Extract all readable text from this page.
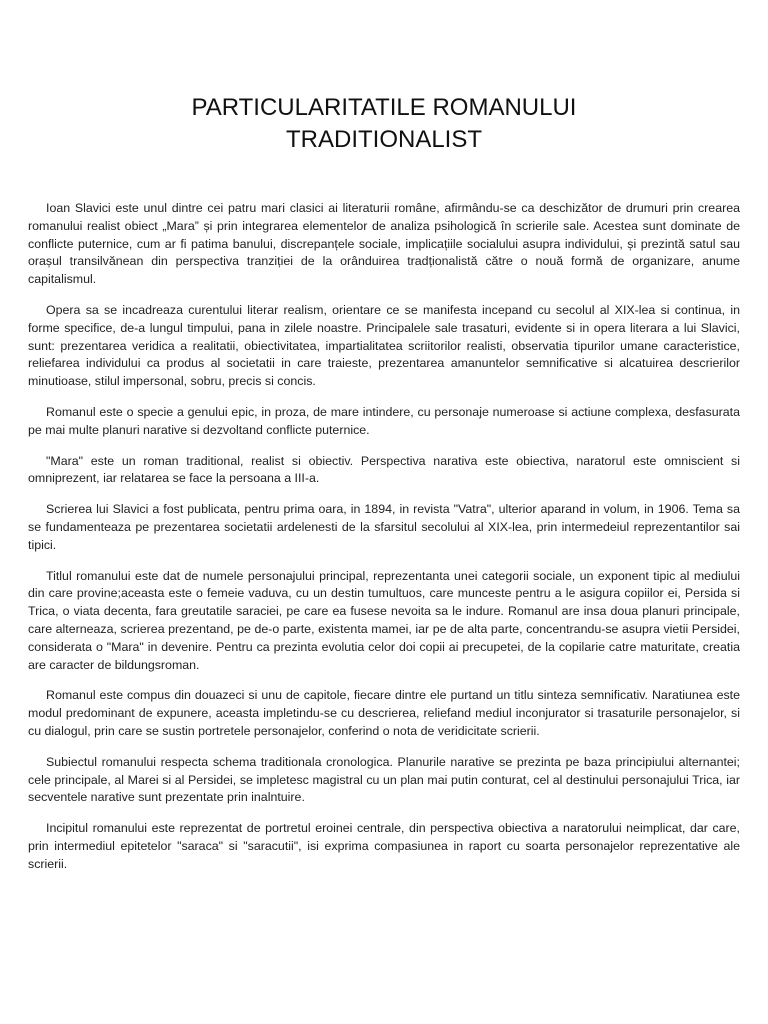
PARTICULARITATILE ROMANULUI
TRADITIONALIST

Ioan Slavici este unul dintre cei patru mari clasici ai literaturii române, afirmându-se ca deschizător de drumuri prin crearea romanului realist obiect „Mara” și prin integrarea elementelor de analiza psihologică în scrierile sale. Acestea sunt dominate de conflicte puternice, cum ar fi patima banului, discrepanțele sociale, implicațiile socialului asupra individului, și prezintă satul sau orașul transilvănean din perspectiva tranziției de la orânduirea tradționalistă către o nouă formă de organizare, anume capitalismul.

Opera sa se incadreaza curentului literar realism, orientare ce se manifesta incepand cu secolul al XIX-lea si continua, in forme specifice, de-a lungul timpului, pana in zilele noastre. Principalele sale trasaturi, evidente si in opera literara a lui Slavici, sunt: prezentarea veridica a realitatii, obiectivitatea, impartialitatea scriitorilor realisti, observatia tipurilor umane caracteristice, reliefarea individului ca produs al societatii in care traieste, prezentarea amanuntelor semnificative si alcatuirea descrierilor minutioase, stilul impersonal, sobru, precis si concis.

Romanul este o specie a genului epic, in proza, de mare intindere, cu personaje numeroase si actiune complexa, desfasurata pe mai multe planuri narative si dezvoltand conflicte puternice.

"Mara" este un roman traditional, realist si obiectiv. Perspectiva narativa este obiectiva, naratorul este omniscient si omniprezent, iar relatarea se face la persoana a III-a.

Scrierea lui Slavici a fost publicata, pentru prima oara, in 1894, in revista "Vatra", ulterior aparand in volum, in 1906. Tema sa se fundamenteaza pe prezentarea societatii ardelenesti de la sfarsitul secolului al XIX-lea, prin intermedeiul reprezentantilor sai tipici.

Titlul romanului este dat de numele personajului principal, reprezentanta unei categorii sociale, un exponent tipic al mediului din care provine;aceasta este o femeie vaduva, cu un destin tumultuos, care munceste pentru a le asigura copiilor ei, Persida si Trica, o viata decenta, fara greutatile saraciei, pe care ea fusese nevoita sa le indure. Romanul are insa doua planuri principale, care alterneaza, scrierea prezentand, pe de-o parte, existenta mamei, iar pe de alta parte, concentrandu-se asupra vietii Persidei, considerata o "Mara" in devenire. Pentru ca prezinta evolutia celor doi copii ai precupetei, de la copilarie catre maturitate, creatia are caracter de bildungsroman.

Romanul este compus din douazeci si unu de capitole, fiecare dintre ele purtand un titlu sinteza semnificativ. Naratiunea este modul predominant de expunere, aceasta impletindu-se cu descrierea, reliefand mediul inconjurator si trasaturile personajelor, si cu dialogul, prin care se sustin portretele personajelor, conferind o nota de veridicitate scrierii.

Subiectul romanului respecta schema traditionala cronologica. Planurile narative se prezinta pe baza principiului alternantei; cele principale, al Marei si al Persidei, se impletesc magistral cu un plan mai putin conturat, cel al destinului personajului Trica, iar secventele narative sunt prezentate prin inalntuire.

Incipitul romanului este reprezentat de portretul eroinei centrale, din perspectiva obiectiva a naratorului neimplicat, dar care, prin intermediul epitetelor "saraca" si "saracutii", isi exprima compasiunea in raport cu soarta personajelor reprezentative ale scrierii.
